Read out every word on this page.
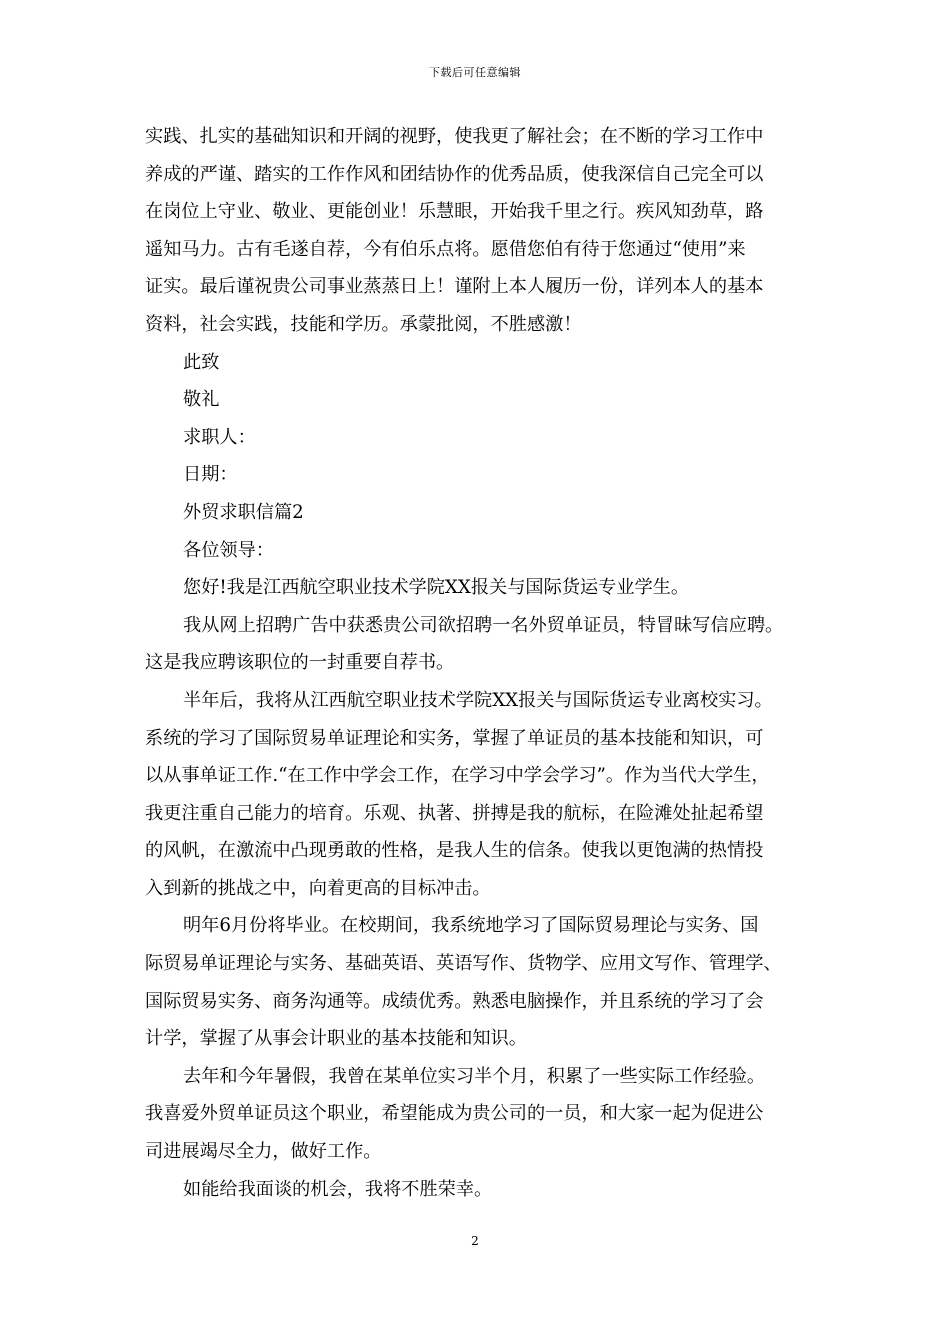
下载后可任意编辑
实践、扎实的基础知识和开阔的视野，使我更了解社会；在不断的学习工作中
养成的严谨、踏实的工作作风和团结协作的优秀品质，使我深信自己完全可以
在岗位上守业、敬业、更能创业！乐慧眼，开始我千里之行。疾风知劲草，路
遥知马力。古有毛遂自荐，今有伯乐点将。愿借您伯有待于您通过“使用”来
证实。最后谨祝贵公司事业蒸蒸日上！谨附上本人履历一份，详列本人的基本
资料，社会实践，技能和学历。承蒙批阅，不胜感激！
此致
敬礼
求职人：
日期：
外贸求职信篇2
各位领导：
您好!我是江西航空职业技术学院XX报关与国际货运专业学生。
我从网上招聘广告中获悉贵公司欲招聘一名外贸单证员，特冒昧写信应聘。
这是我应聘该职位的一封重要自荐书。
半年后，我将从江西航空职业技术学院XX报关与国际货运专业离校实习。
系统的学习了国际贸易单证理论和实务，掌握了单证员的基本技能和知识，可
以从事单证工作.“在工作中学会工作，在学习中学会学习”。作为当代大学生，
我更注重自己能力的培育。乐观、执著、拼搏是我的航标，在险滩处扯起希望
的风帆，在激流中凸现勇敢的性格，是我人生的信条。使我以更饱满的热情投
入到新的挑战之中，向着更高的目标冲击。
明年6月份将毕业。在校期间，我系统地学习了国际贸易理论与实务、国
际贸易单证理论与实务、基础英语、英语写作、货物学、应用文写作、管理学、
国际贸易实务、商务沟通等。成绩优秀。熟悉电脑操作，并且系统的学习了会
计学，掌握了从事会计职业的基本技能和知识。
去年和今年暑假，我曾在某单位实习半个月，积累了一些实际工作经验。
我喜爱外贸单证员这个职业，希望能成为贵公司的一员，和大家一起为促进公
司进展竭尽全力，做好工作。
如能给我面谈的机会，我将不胜荣幸。
2
